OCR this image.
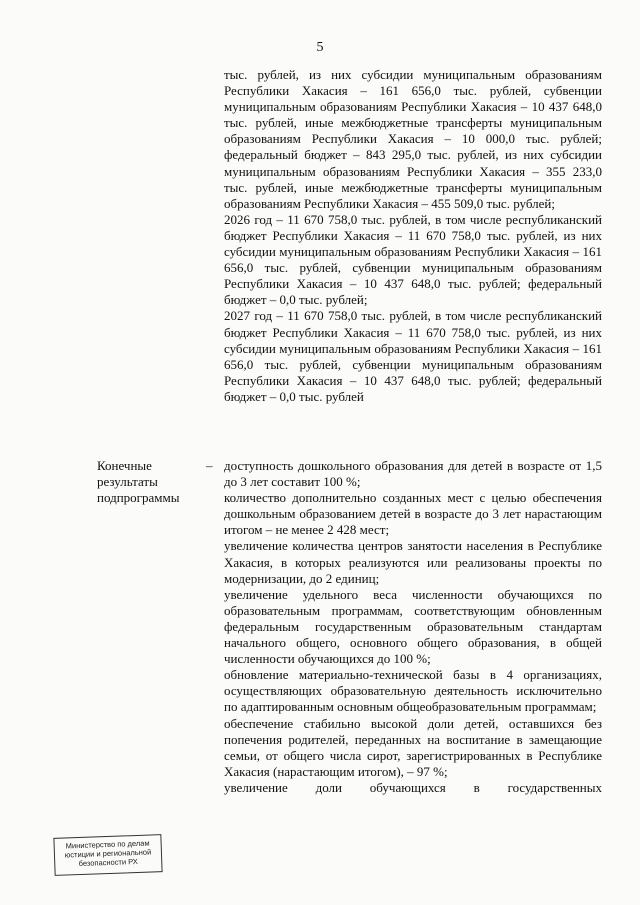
5

тыс. рублей, из них субсидии муниципальным образованиям Республики Хакасия – 161 656,0 тыс. рублей, субвенции муниципальным образованиям Республики Хакасия – 10 437 648,0 тыс. рублей, иные межбюджетные трансферты муниципальным образованиям Республики Хакасия – 10 000,0 тыс. рублей; федеральный бюджет – 843 295,0 тыс. рублей, из них субсидии муниципальным образованиям Республики Хакасия – 355 233,0 тыс. рублей, иные межбюджетные трансферты муниципальным образованиям Республики Хакасия – 455 509,0 тыс. рублей;

2026 год – 11 670 758,0 тыс. рублей, в том числе республиканский бюджет Республики Хакасия – 11 670 758,0 тыс. рублей, из них субсидии муниципальным образованиям Республики Хакасия – 161 656,0 тыс. рублей, субвенции муниципальным образованиям Республики Хакасия – 10 437 648,0 тыс. рублей; федеральный бюджет – 0,0 тыс. рублей;

2027 год – 11 670 758,0 тыс. рублей, в том числе республиканский бюджет Республики Хакасия – 11 670 758,0 тыс. рублей, из них субсидии муниципальным образованиям Республики Хакасия – 161 656,0 тыс. рублей, субвенции муниципальным образованиям Республики Хакасия – 10 437 648,0 тыс. рублей; федеральный бюджет – 0,0 тыс. рублей

Конечные
результаты
подпрограммы
– доступность дошкольного образования для детей в возрасте от 1,5 до 3 лет составит 100 %;

количество дополнительно созданных мест с целью обеспечения дошкольным образованием детей в возрасте до 3 лет нарастающим итогом – не менее 2 428 мест;

увеличение количества центров занятости населения в Республике Хакасия, в которых реализуются или реализованы проекты по модернизации, до 2 единиц;

увеличение удельного веса численности обучающихся по образовательным программам, соответствующим обновленным федеральным государственным образовательным стандартам начального общего, основного общего образования, в общей численности обучающихся до 100 %;

обновление материально-технической базы в 4 организациях, осуществляющих образовательную деятельность исключительно по адаптированным основным общеобразовательным программам;

обеспечение стабильно высокой доли детей, оставшихся без попечения родителей, переданных на воспитание в замещающие семьи, от общего числа сирот, зарегистрированных в Республике Хакасия (нарастающим итогом), – 97 %;

увеличение доли обучающихся в государственных

Министерство по делам
юстиции и региональной
безопасности РХ
